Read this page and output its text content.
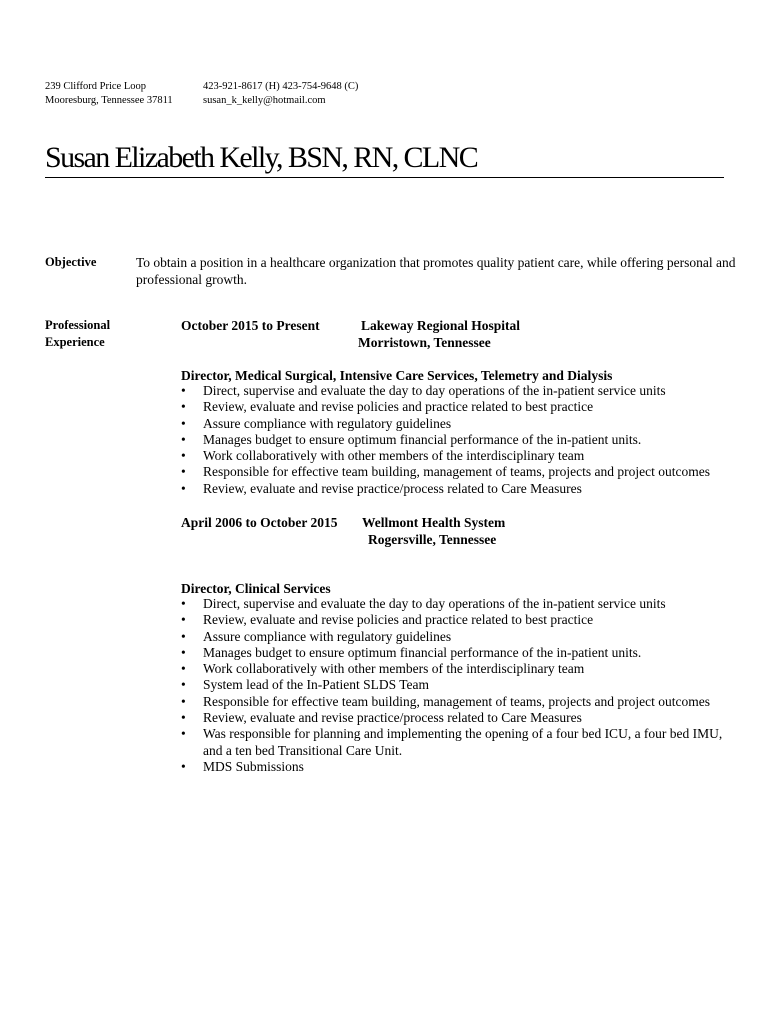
239 Clifford Price Loop
Mooresburg, Tennessee 37811
423-921-8617 (H) 423-754-9648 (C)
susan_k_kelly@hotmail.com
Susan Elizabeth Kelly, BSN, RN, CLNC
Objective	To obtain a position in a healthcare organization that promotes quality patient care, while offering personal and professional growth.
Professional
Experience
October 2015 to Present	Lakeway Regional Hospital
Morristown, Tennessee
Director, Medical Surgical, Intensive Care Services, Telemetry and Dialysis
• Direct, supervise and evaluate the day to day operations of the in-patient service units
• Review, evaluate and revise policies and practice related to best practice
• Assure compliance with regulatory guidelines
• Manages budget to ensure optimum financial performance of the in-patient units.
• Work collaboratively with other members of the interdisciplinary team
• Responsible for effective team building, management of teams, projects and project outcomes
• Review, evaluate and revise practice/process related to Care Measures
April 2006 to October 2015 Wellmont Health System
Rogersville, Tennessee
Director, Clinical Services
• Direct, supervise and evaluate the day to day operations of the in-patient service units
• Review, evaluate and revise policies and practice related to best practice
• Assure compliance with regulatory guidelines
• Manages budget to ensure optimum financial performance of the in-patient units.
• Work collaboratively with other members of the interdisciplinary team
• System lead of the In-Patient SLDS Team
• Responsible for effective team building, management of teams, projects and project outcomes
• Review, evaluate and revise practice/process related to Care Measures
• Was responsible for planning and implementing the opening of a four bed ICU, a four bed IMU, and a ten bed Transitional Care Unit.
• MDS Submissions
